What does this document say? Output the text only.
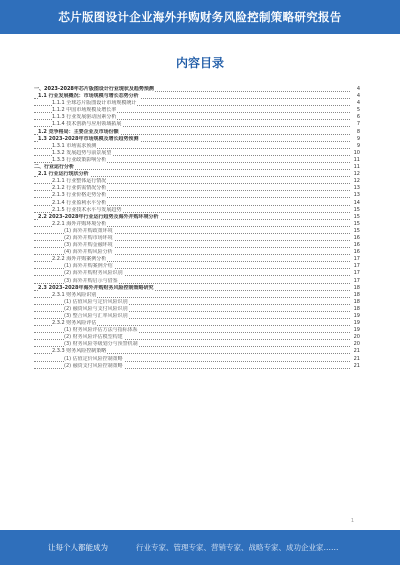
芯片版图设计企业海外并购财务风险控制策略研究报告
内容目录
一、2023-2028年芯片版图设计行业现状及趋势预测	4
1.1 行业发展概况：市场规模与增长态势分析	4
1.1.1 全球芯片版图设计市场规模统计	4
1.1.2 中国市场规模及增长率	5
1.1.3 行业发展驱动因素分析	6
1.1.4 技术创新与应用领域拓展	7
1.2 竞争格局：主要企业及市场份额	8
1.3 2023-2028年市场规模及增长趋势预测	9
1.3.1 市场需求预测	9
1.3.2 发展趋势与前景展望	10
1.3.3 行业政策影响分析	11
二、行业运行分析	11
2.1 行业运行现状分析	12
2.1.1 行业整体运行情况	12
2.1.2 行业供需情况分析	13
2.1.3 行业价格走势分析	13
2.1.4 行业盈利水平分析	14
2.1.5 行业技术水平与发展趋势	15
2.2 2023-2028年行业运行趋势及海外并购环境分析	15
2.2.1 海外并购环境分析	15
(1) 海外并购政策环境	15
(2) 海外并购市场环境	16
(3) 海外并购金融环境	16
(4) 海外并购风险分析	16
2.2.2 海外并购案例分析	17
(1) 海外并购案例介绍	17
(2) 海外并购财务风险识别	17
(3) 海外并购启示与借鉴	17
2.3 2023-2028年海外并购财务风险控制策略研究	18
2.3.1 财务风险识别	18
(1) 估值风险与定价风险识别	18
(2) 融资风险与支付风险识别	18
(3) 整合风险与汇率风险识别	19
2.3.2 财务风险评估	19
(1) 财务风险评估方法与指标体系	19
(2) 财务风险评估模型构建	20
(3) 财务风险等级划分与预警机制	20
2.3.3 财务风险控制策略	21
(1) 估值定价风险控制策略	21
(2) 融资支付风险控制策略	21
1
让每个人都能成为	行业专家、管理专家、营销专家、战略专家、成功企业家……
